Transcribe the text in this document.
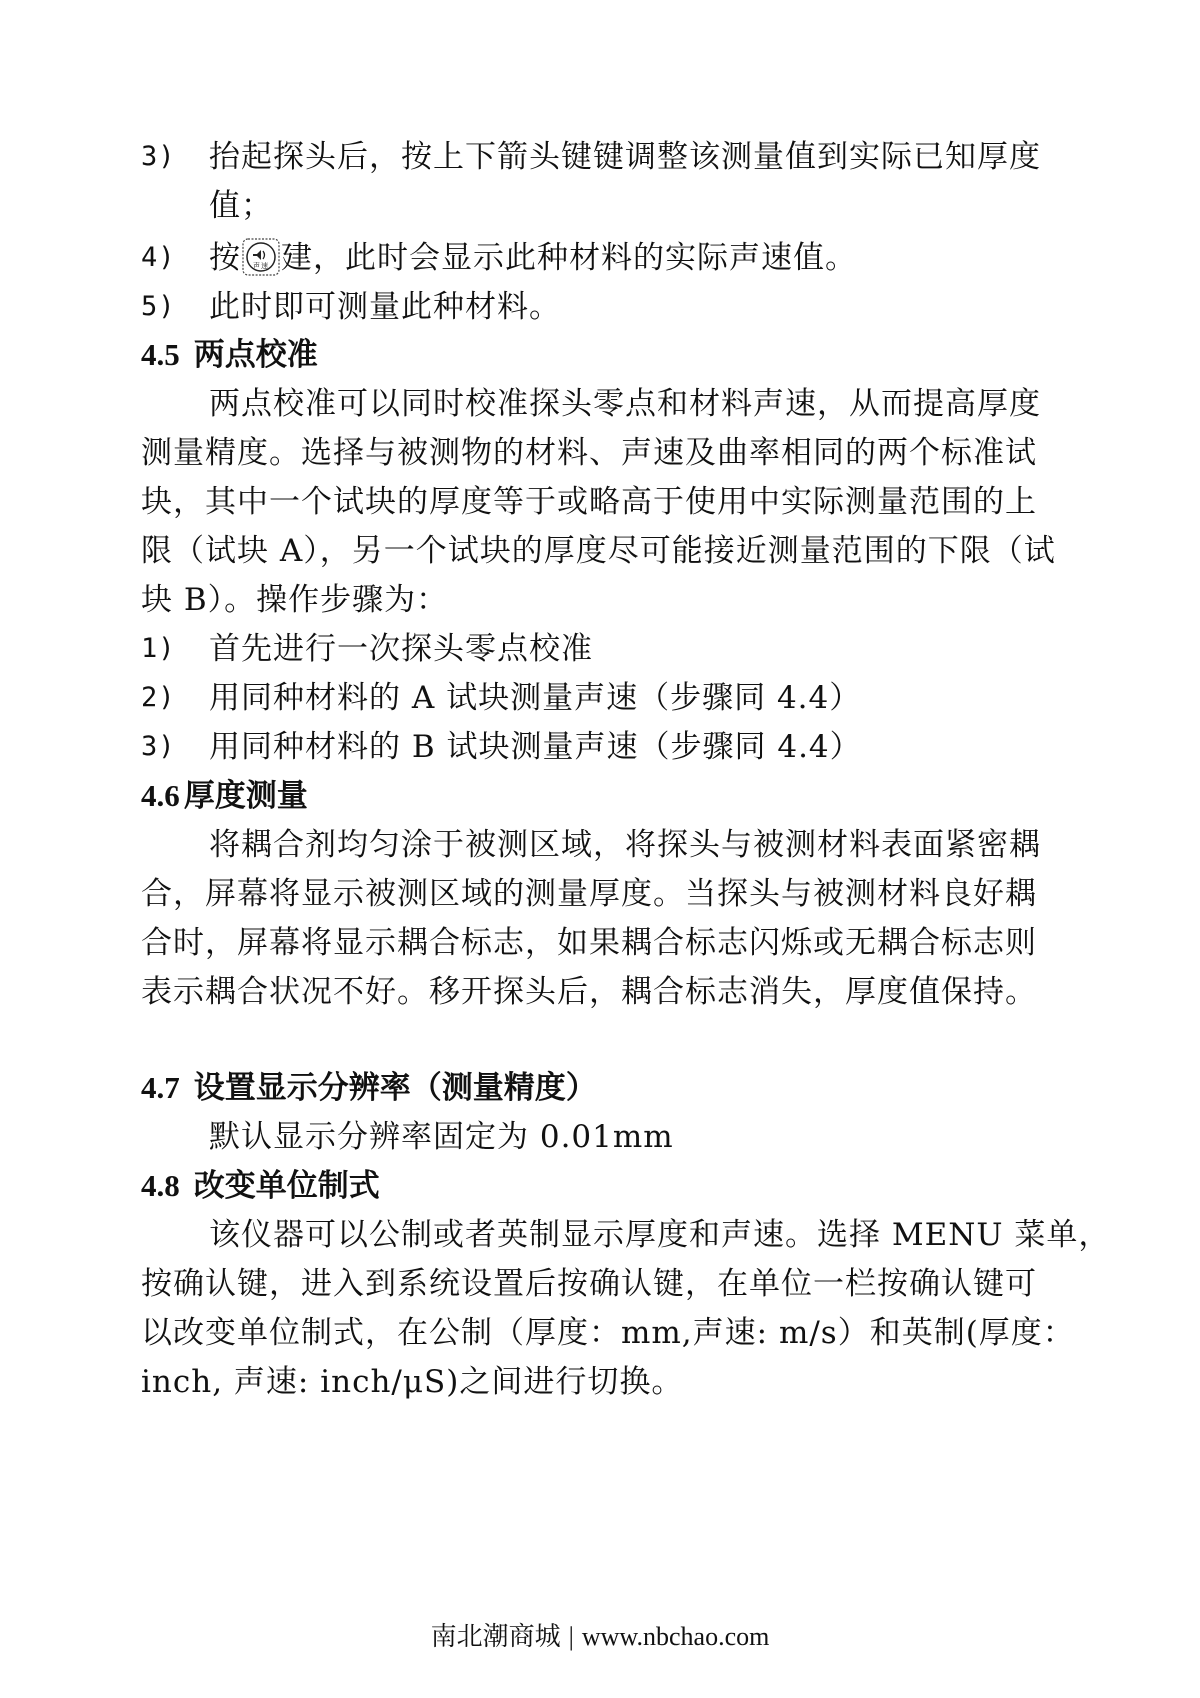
3) 抬起探头后，按上下箭头键键调整该测量值到实际已知厚度
值；
4) 按 声速 建，此时会显示此种材料的实际声速值。
5) 此时即可测量此种材料。
4.5 两点校准
两点校准可以同时校准探头零点和材料声速，从而提高厚度
测量精度。选择与被测物的材料、声速及曲率相同的两个标准试
块，其中一个试块的厚度等于或略高于使用中实际测量范围的上
限（试块 A），另一个试块的厚度尽可能接近测量范围的下限（试
块 B）。操作步骤为：
1) 首先进行一次探头零点校准
2) 用同种材料的 A 试块测量声速（步骤同 4.4）
3) 用同种材料的 B 试块测量声速（步骤同 4.4）
4.6 厚度测量
将耦合剂均匀涂于被测区域，将探头与被测材料表面紧密耦
合，屏幕将显示被测区域的测量厚度。当探头与被测材料良好耦
合时，屏幕将显示耦合标志，如果耦合标志闪烁或无耦合标志则
表示耦合状况不好。移开探头后，耦合标志消失，厚度值保持。
4.7 设置显示分辨率（测量精度）
默认显示分辨率固定为 0.01mm
4.8 改变单位制式
该仪器可以公制或者英制显示厚度和声速。选择 MENU 菜单，
按确认键，进入到系统设置后按确认键，在单位一栏按确认键可
以改变单位制式，在公制（厚度：mm,声速: m/s）和英制(厚度：
inch, 声速: inch/μS)之间进行切换。
南北潮商城 | www.nbchao.com
